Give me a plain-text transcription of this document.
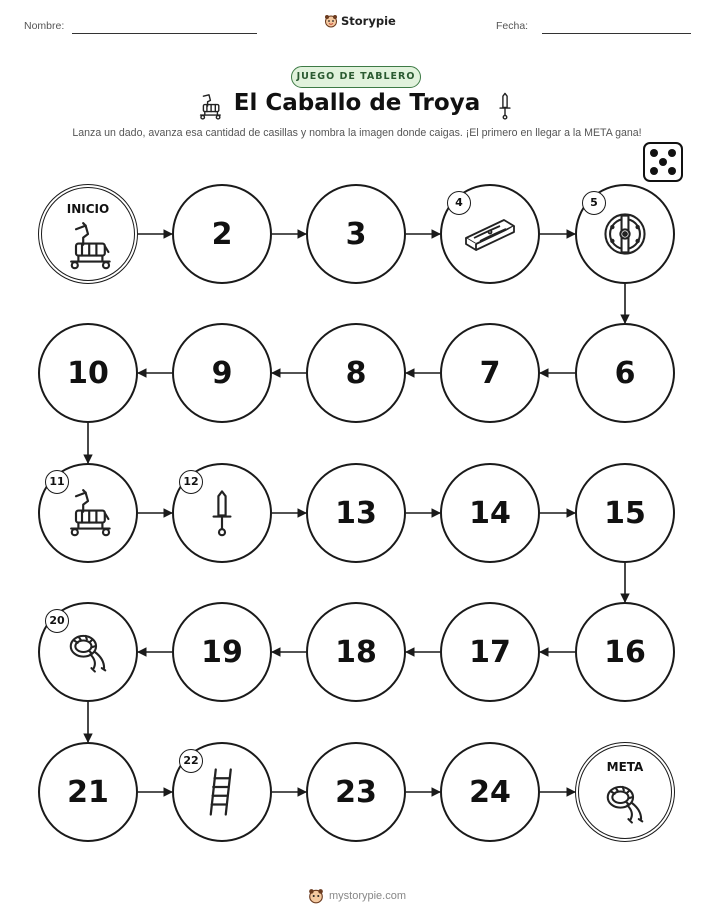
Nombre:	Storypie	Fecha:
JUEGO DE TABLERO
El Caballo de Troya
Lanza un dado, avanza esa cantidad de casillas y nombra la imagen donde caigas. ¡El primero en llegar a la META gana!
INICIO
2	3
4	5
6
7
8
9
10
11	12
13	14	15
16
17
18
19
20
21
22
23	24
META
mystorypie.com
